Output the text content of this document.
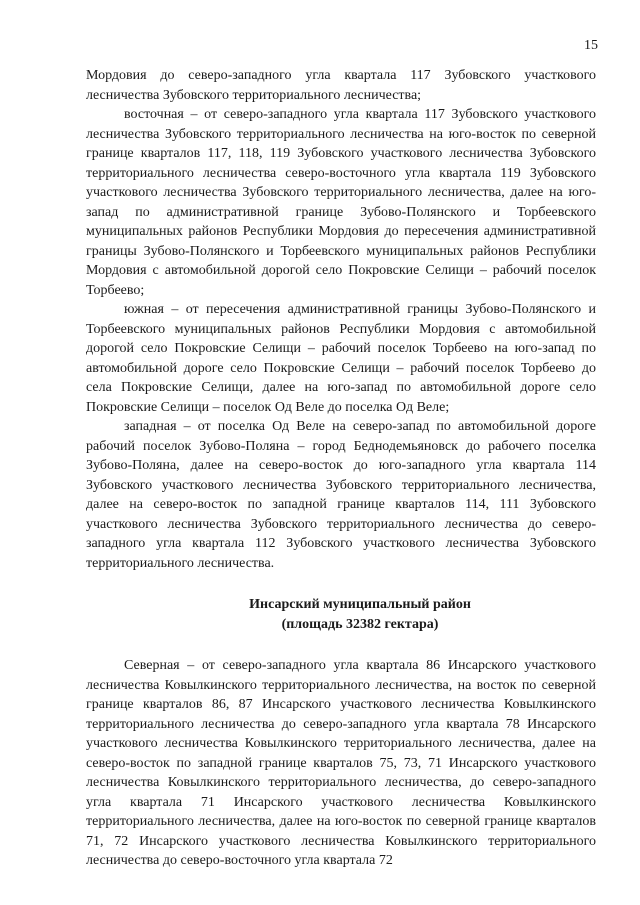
15

Мордовия до северо-западного угла квартала 117 Зубовского участкового лесничества Зубовского территориального лесничества;

восточная – от северо-западного угла квартала 117 Зубовского участкового лесничества Зубовского территориального лесничества на юго-восток по северной границе кварталов 117, 118, 119 Зубовского участкового лесничества Зубовского территориального лесничества северо-восточного угла квартала 119 Зубовского участкового лесничества Зубовского территориального лесничества, далее на юго-запад по административной границе Зубово-Полянского и Торбеевского муниципальных районов Республики Мордовия до пересечения административной границы Зубово-Полянского и Торбеевского муниципальных районов Республики Мордовия с автомобильной дорогой село Покровские Селищи – рабочий поселок Торбеево;

южная – от пересечения административной границы Зубово-Полянского и Торбеевского муниципальных районов Республики Мордовия с автомобильной дорогой село Покровские Селищи – рабочий поселок Торбеево на юго-запад по автомобильной дороге село Покровские Селищи – рабочий поселок Торбеево до села Покровские Селищи, далее на юго-запад по автомобильной дороге село Покровские Селищи – поселок Од Веле до поселка Од Веле;

западная – от поселка Од Веле на северо-запад по автомобильной дороге рабочий поселок Зубово-Поляна – город Беднодемьяновск до рабочего поселка Зубово-Поляна, далее на северо-восток до юго-западного угла квартала 114 Зубовского участкового лесничества Зубовского территориального лесничества, далее на северо-восток по западной границе кварталов 114, 111 Зубовского участкового лесничества Зубовского территориального лесничества до северо-западного угла квартала 112 Зубовского участкового лесничества Зубовского территориального лесничества.

Инсарский муниципальный район

(площадь 32382 гектара)

Северная – от северо-западного угла квартала 86 Инсарского участкового лесничества Ковылкинского территориального лесничества, на восток по северной границе кварталов 86, 87 Инсарского участкового лесничества Ковылкинского территориального лесничества до северо-западного угла квартала 78 Инсарского участкового лесничества Ковылкинского территориального лесничества, далее на северо-восток по западной границе кварталов 75, 73, 71 Инсарского участкового лесничества Ковылкинского территориального лесничества, до северо-западного угла квартала 71 Инсарского участкового лесничества Ковылкинского территориального лесничества, далее на юго-восток по северной границе кварталов 71, 72 Инсарского участкового лесничества Ковылкинского территориального лесничества до северо-восточного угла квартала 72
